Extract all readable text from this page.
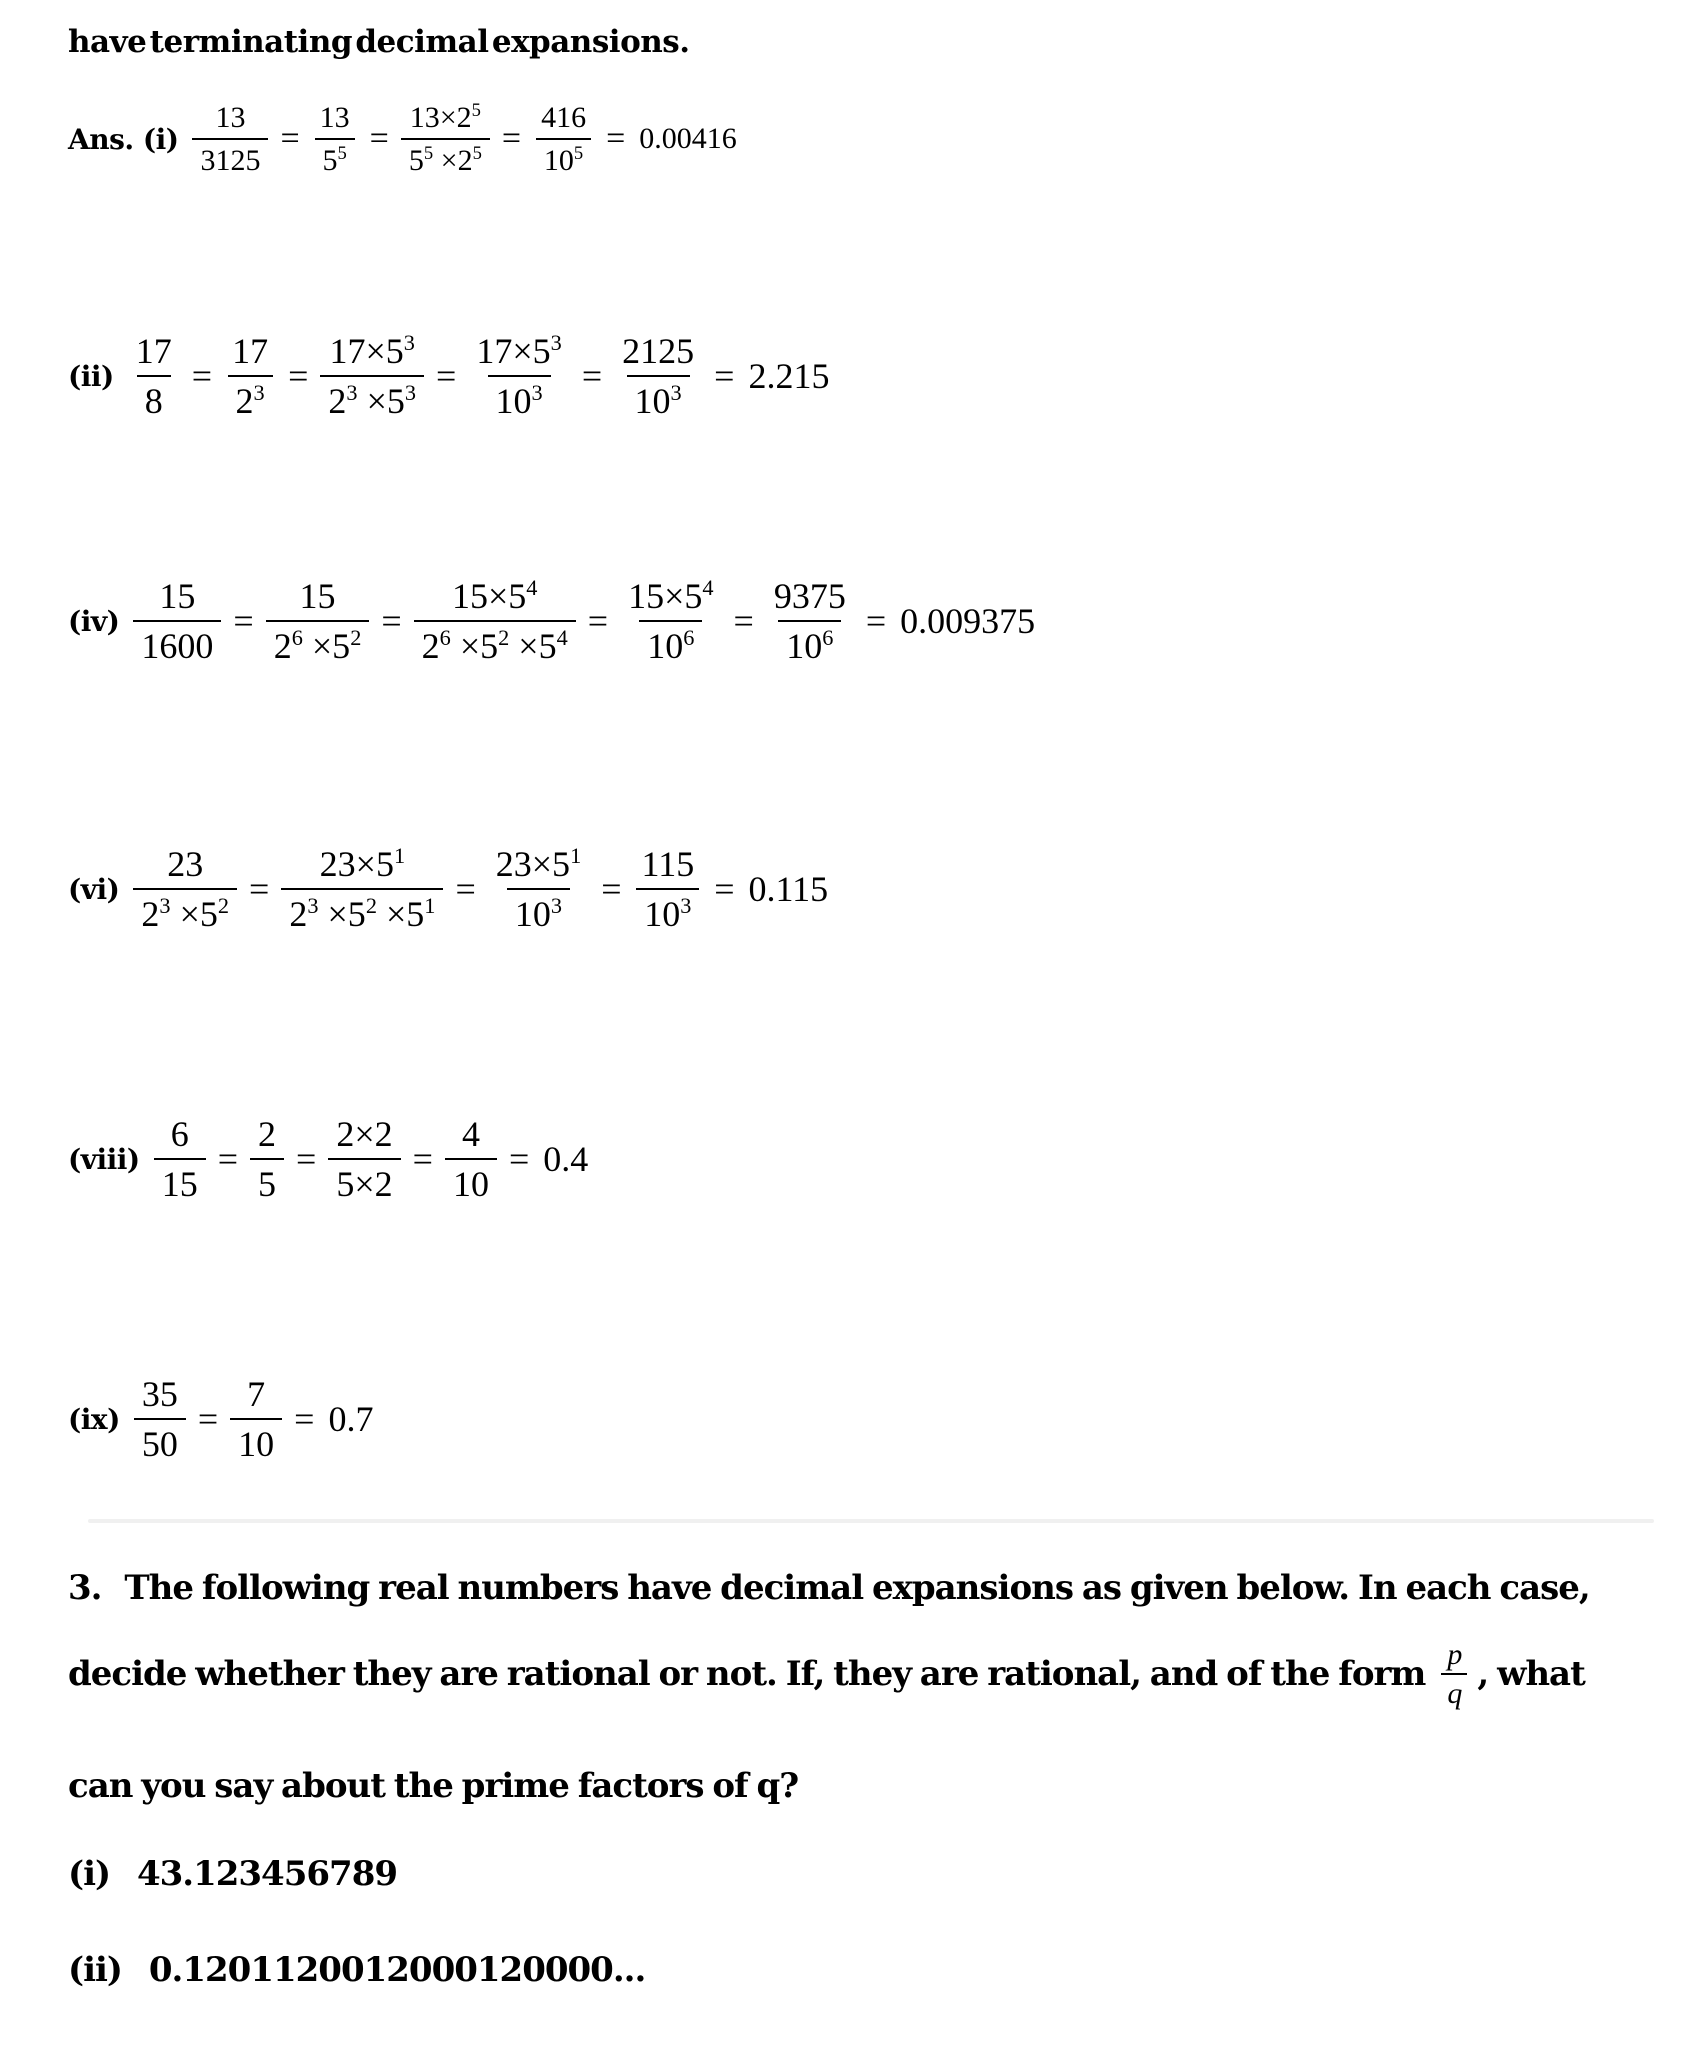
have terminating decimal expansions.
Ans. $(i) \frac{13}{3125} = \frac{13}{5^5} = \frac{13\times 2^5}{5^5 \times 2^5} = \frac{416}{10^5} = 0.00416$
$(ii) \frac{17}{8} = \frac{17}{2^3} = \frac{17\times 5^3}{2^3 \times 5^3} = \frac{17\times 5^3}{10^3} = \frac{2125}{10^3} = 2.215$
$(iv) \frac{15}{1600} = \frac{15}{2^6 \times 5^2} = \frac{15\times 5^4}{2^6 \times 5^2 \times 5^4} = \frac{15\times 5^4}{10^6} = \frac{9375}{10^6} = 0.009375$
$(vi) \frac{23}{2^3 \times 5^2} = \frac{23\times 5^1}{2^3 \times 5^2 \times 5^1} = \frac{23\times 5^1}{10^3} = \frac{115}{10^3} = 0.115$
(viii) $\frac{6}{15} = \frac{2}{5} = \frac{2\times 2}{5\times 2} = \frac{4}{10} = 0.4$
$(ix) \frac{35}{50} = \frac{7}{10} = 0.7$
3. The following real numbers have decimal expansions as given below. In each case,
decide whether they are rational or not. If, they are rational, and of the form $\frac{p}{q}$ , what
can you say about the prime factors of q?
(i) 43.123456789
(ii) 0.1201120012000120000...
